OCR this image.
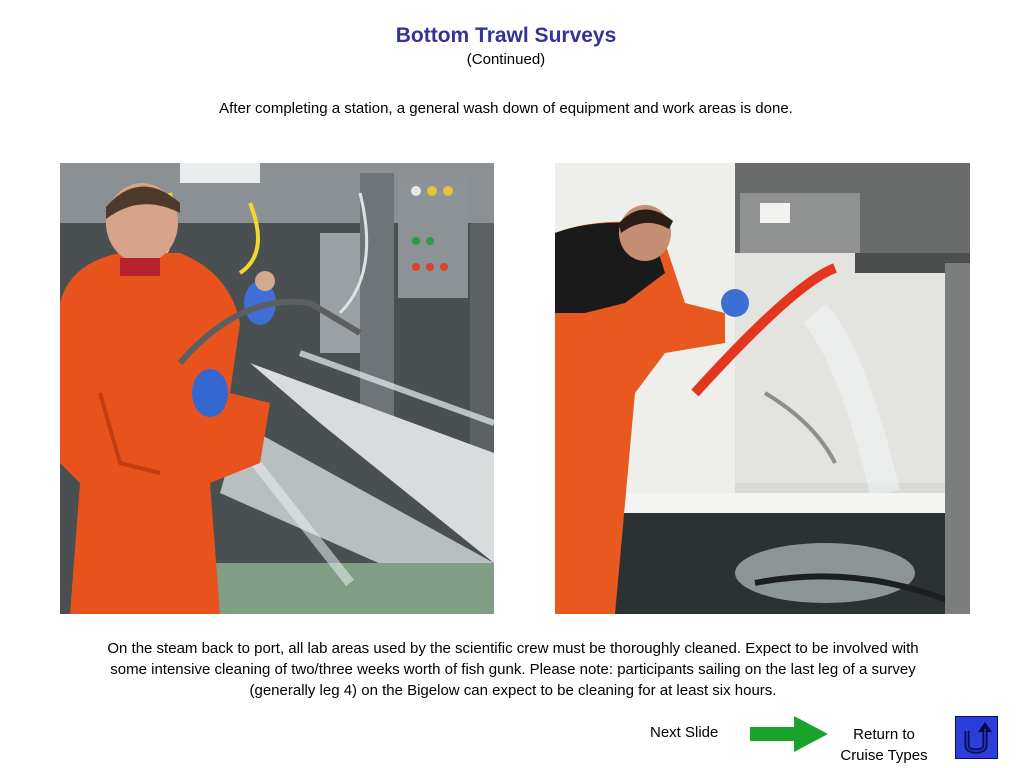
Bottom Trawl Surveys
(Continued)
After completing a station, a general wash down of equipment and work areas is done.
On the steam back to port, all lab areas used by the scientific crew must be thoroughly cleaned. Expect to be involved with
some intensive cleaning of two/three weeks worth of fish gunk. Please note: participants sailing on the last leg of a survey
(generally leg 4) on the Bigelow can expect to be cleaning for at least six hours.
Next Slide	Return to
Cruise Types
